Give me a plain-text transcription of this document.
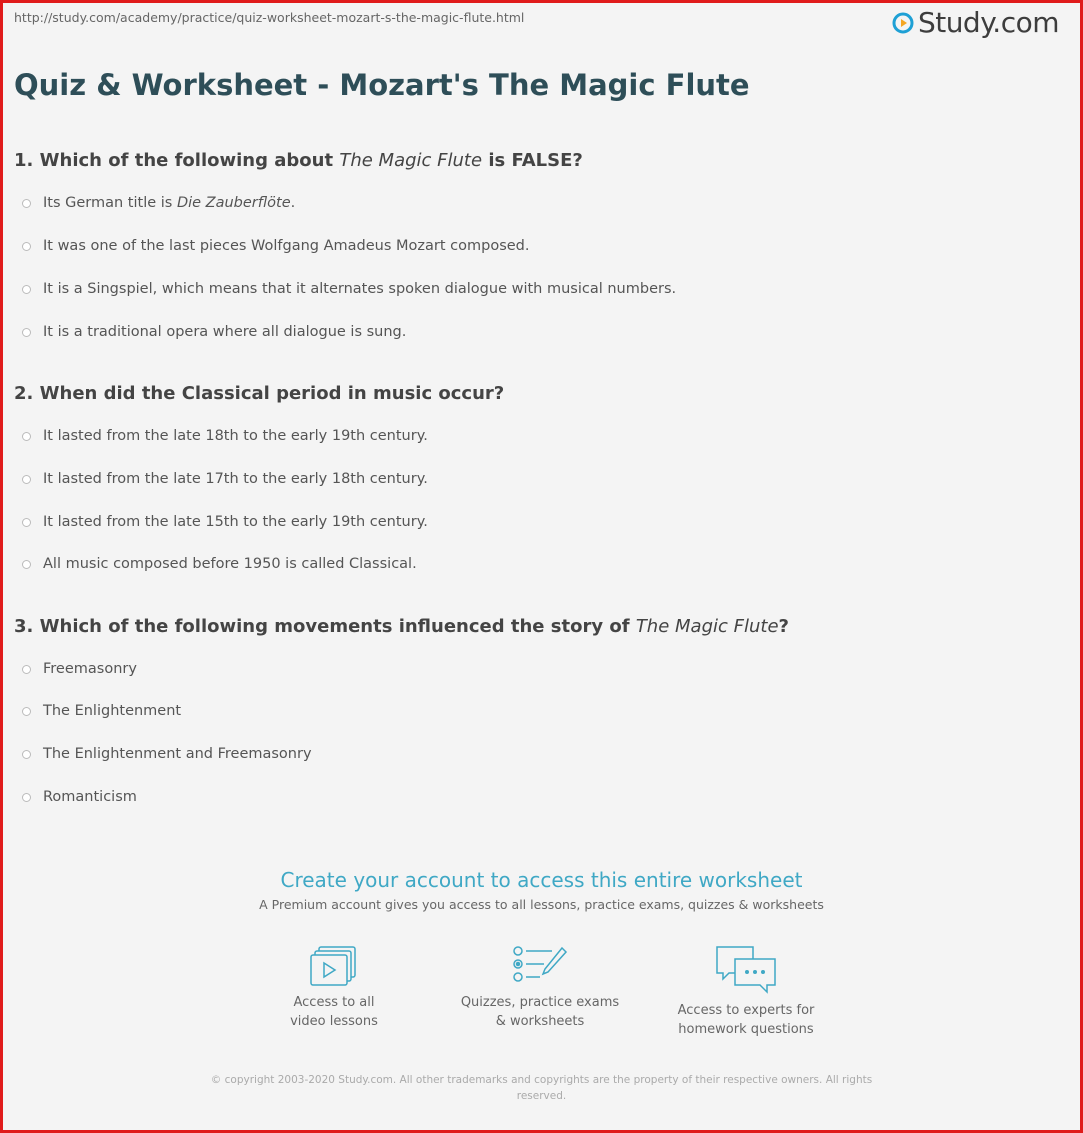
http://study.com/academy/practice/quiz-worksheet-mozart-s-the-magic-flute.html	Study.com
Quiz & Worksheet - Mozart's The Magic Flute
1. Which of the following about The Magic Flute is FALSE?
Its German title is Die Zauberflöte.
It was one of the last pieces Wolfgang Amadeus Mozart composed.
It is a Singspiel, which means that it alternates spoken dialogue with musical numbers.
It is a traditional opera where all dialogue is sung.
2. When did the Classical period in music occur?
It lasted from the late 18th to the early 19th century.
It lasted from the late 17th to the early 18th century.
It lasted from the late 15th to the early 19th century.
All music composed before 1950 is called Classical.
3. Which of the following movements influenced the story of The Magic Flute?
Freemasonry
The Enlightenment
The Enlightenment and Freemasonry
Romanticism
Create your account to access this entire worksheet
A Premium account gives you access to all lessons, practice exams, quizzes & worksheets
Access to all
video lessons
Quizzes, practice exams
& worksheets
Access to experts for
homework questions
© copyright 2003-2020 Study.com. All other trademarks and copyrights are the property of their respective owners. All rights reserved.
